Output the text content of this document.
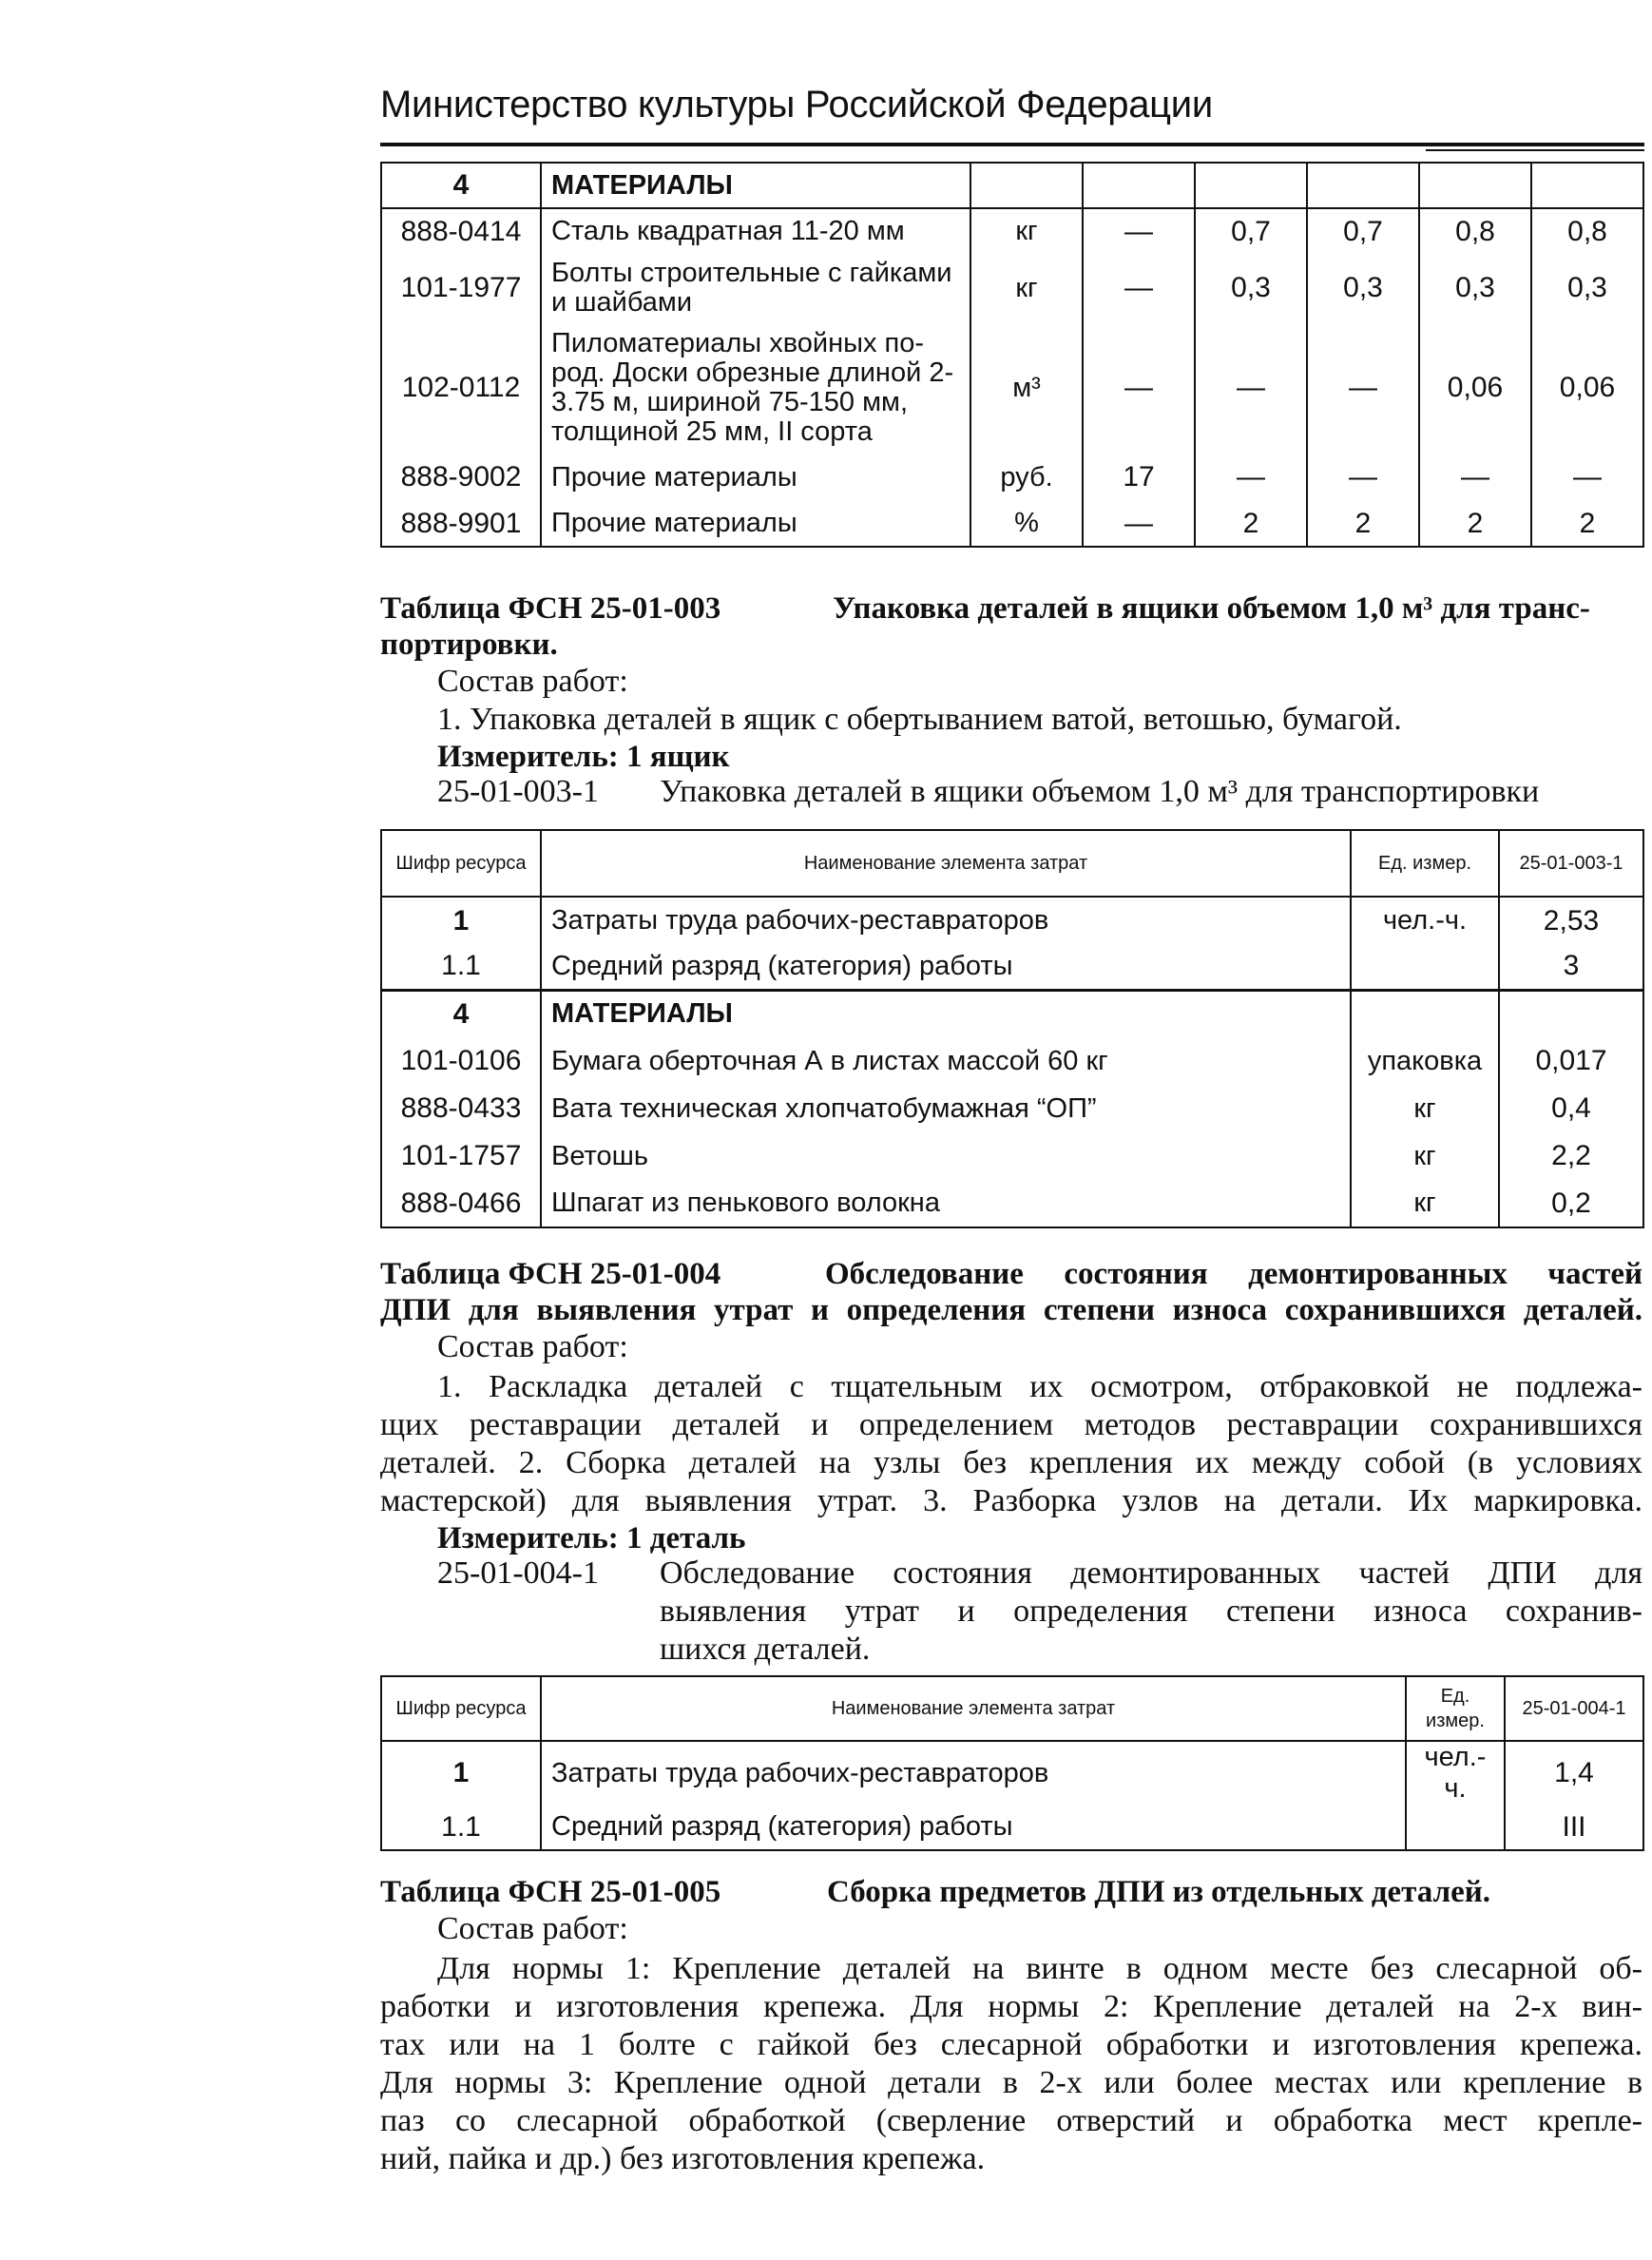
Министерство культуры Российской Федерации
4	МАТЕРИАЛЫ						
888-0414	Сталь квадратная 11-20 мм	кг	—	0,7	0,7	0,8	0,8
101-1977	Болты строительные с гайками и шайбами	кг	—	0,3	0,3	0,3	0,3
102-0112	Пиломатериалы хвойных по-род. Доски обрезные длиной 2-3.75 м, шириной 75-150 мм, толщиной 25 мм, II сорта	м³	—	—	—	0,06	0,06
888-9002	Прочие материалы	руб.	17	—	—	—	—
888-9901	Прочие материалы	%	—	2	2	2	2
Таблица ФСН 25-01-003	Упаковка деталей в ящики объемом 1,0 м³ для транс-
портировки.
Состав работ:
1. Упаковка деталей в ящик с обертыванием ватой, ветошью, бумагой.
Измеритель: 1 ящик
25-01-003-1 Упаковка деталей в ящики объемом 1,0 м³ для транспортировки
Шифр ресурса	Наименование элемента затрат	Ед. измер.	25-01-003-1
1	Затраты труда рабочих-реставраторов	чел.-ч.	2,53
1.1	Средний разряд (категория) работы		3
4	МАТЕРИАЛЫ		
101-0106	Бумага оберточная А в листах массой 60 кг	упаковка	0,017
888-0433	Вата техническая хлопчатобумажная “ОП”	кг	0,4
101-1757	Ветошь	кг	2,2
888-0466	Шпагат из пенькового волокна	кг	0,2
Таблица ФСН 25-01-004	Обследование состояния демонтированных частей
ДПИ для выявления утрат и определения степени износа сохранившихся деталей.
Состав работ:
1. Раскладка деталей с тщательным их осмотром, отбраковкой не подлежа-
щих реставрации деталей и определением методов реставрации сохранившихся
деталей. 2. Сборка деталей на узлы без крепления их между собой (в условиях
мастерской) для выявления утрат. 3. Разборка узлов на детали. Их маркировка.
Измеритель: 1 деталь
25-01-004-1 Обследование состояния демонтированных частей ДПИ для
выявления утрат и определения степени износа сохранив-
шихся деталей.
Шифр ресурса	Наименование элемента затрат	Ед. измер.	25-01-004-1
1	Затраты труда рабочих-реставраторов	чел.-ч.	1,4
1.1	Средний разряд (категория) работы		III
Таблица ФСН 25-01-005	Сборка предметов ДПИ из отдельных деталей.
Состав работ:
Для нормы 1: Крепление деталей на винте в одном месте без слесарной об-
работки и изготовления крепежа. Для нормы 2: Крепление деталей на 2-х вин-
тах или на 1 болте с гайкой без слесарной обработки и изготовления крепежа.
Для нормы 3: Крепление одной детали в 2-х или более местах или крепление в
паз со слесарной обработкой (сверление отверстий и обработка мест крепле-
ний, пайка и др.) без изготовления крепежа.
